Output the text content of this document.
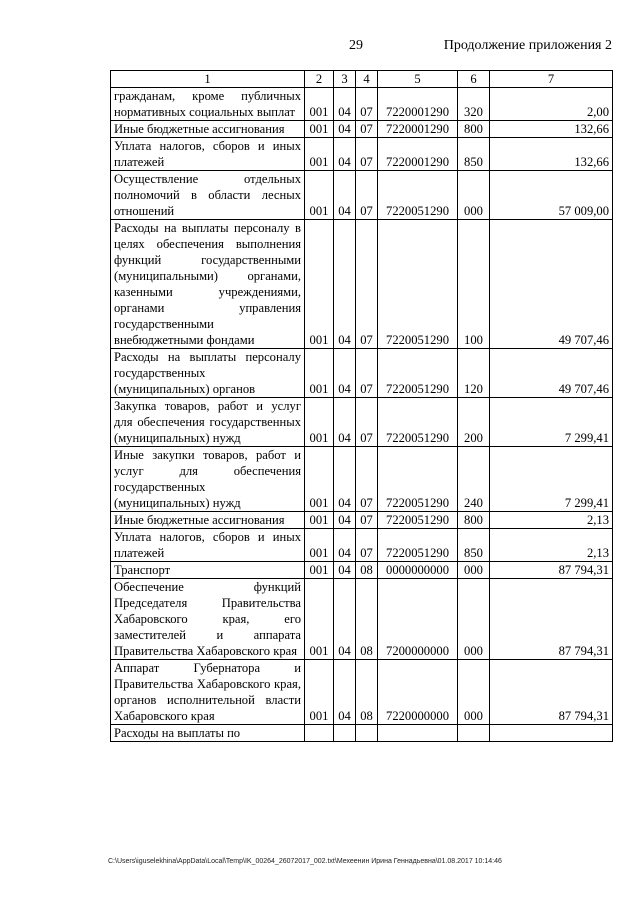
29	Продолжение приложения 2
1	2	3	4	5	6	7
гражданам, кроме публичных нормативных социальных выплат	001	04	07	7220001290	320	2,00
Иные бюджетные ассигнования	001	04	07	7220001290	800	132,66
Уплата налогов, сборов и иных платежей	001	04	07	7220001290	850	132,66
Осуществление отдельных полномочий в области лесных отношений	001	04	07	7220051290	000	57 009,00
Расходы на выплаты персоналу в целях обеспечения выполнения функций государственными (муниципальными) органами, казенными учреждениями, органами управления государственными внебюджетными фондами	001	04	07	7220051290	100	49 707,46
Расходы на выплаты персоналу государственных (муниципальных) органов	001	04	07	7220051290	120	49 707,46
Закупка товаров, работ и услуг для обеспечения государственных (муниципальных) нужд	001	04	07	7220051290	200	7 299,41
Иные закупки товаров, работ и услуг для обеспечения государственных (муниципальных) нужд	001	04	07	7220051290	240	7 299,41
Иные бюджетные ассигнования	001	04	07	7220051290	800	2,13
Уплата налогов, сборов и иных платежей	001	04	07	7220051290	850	2,13
Транспорт	001	04	08	0000000000	000	87 794,31
Обеспечение функций Председателя Правительства Хабаровского края, его заместителей и аппарата Правительства Хабаровского края	001	04	08	7200000000	000	87 794,31
Аппарат Губернатора и Правительства Хабаровского края, органов исполнительной власти Хабаровского края	001	04	08	7220000000	000	87 794,31
Расходы на выплаты по						
C:\Users\iguselekhina\AppData\Local\Temp\IK_00264_26072017_002.txt\Мехеенин Ирина Геннадьевна\01.08.2017 10:14:46
